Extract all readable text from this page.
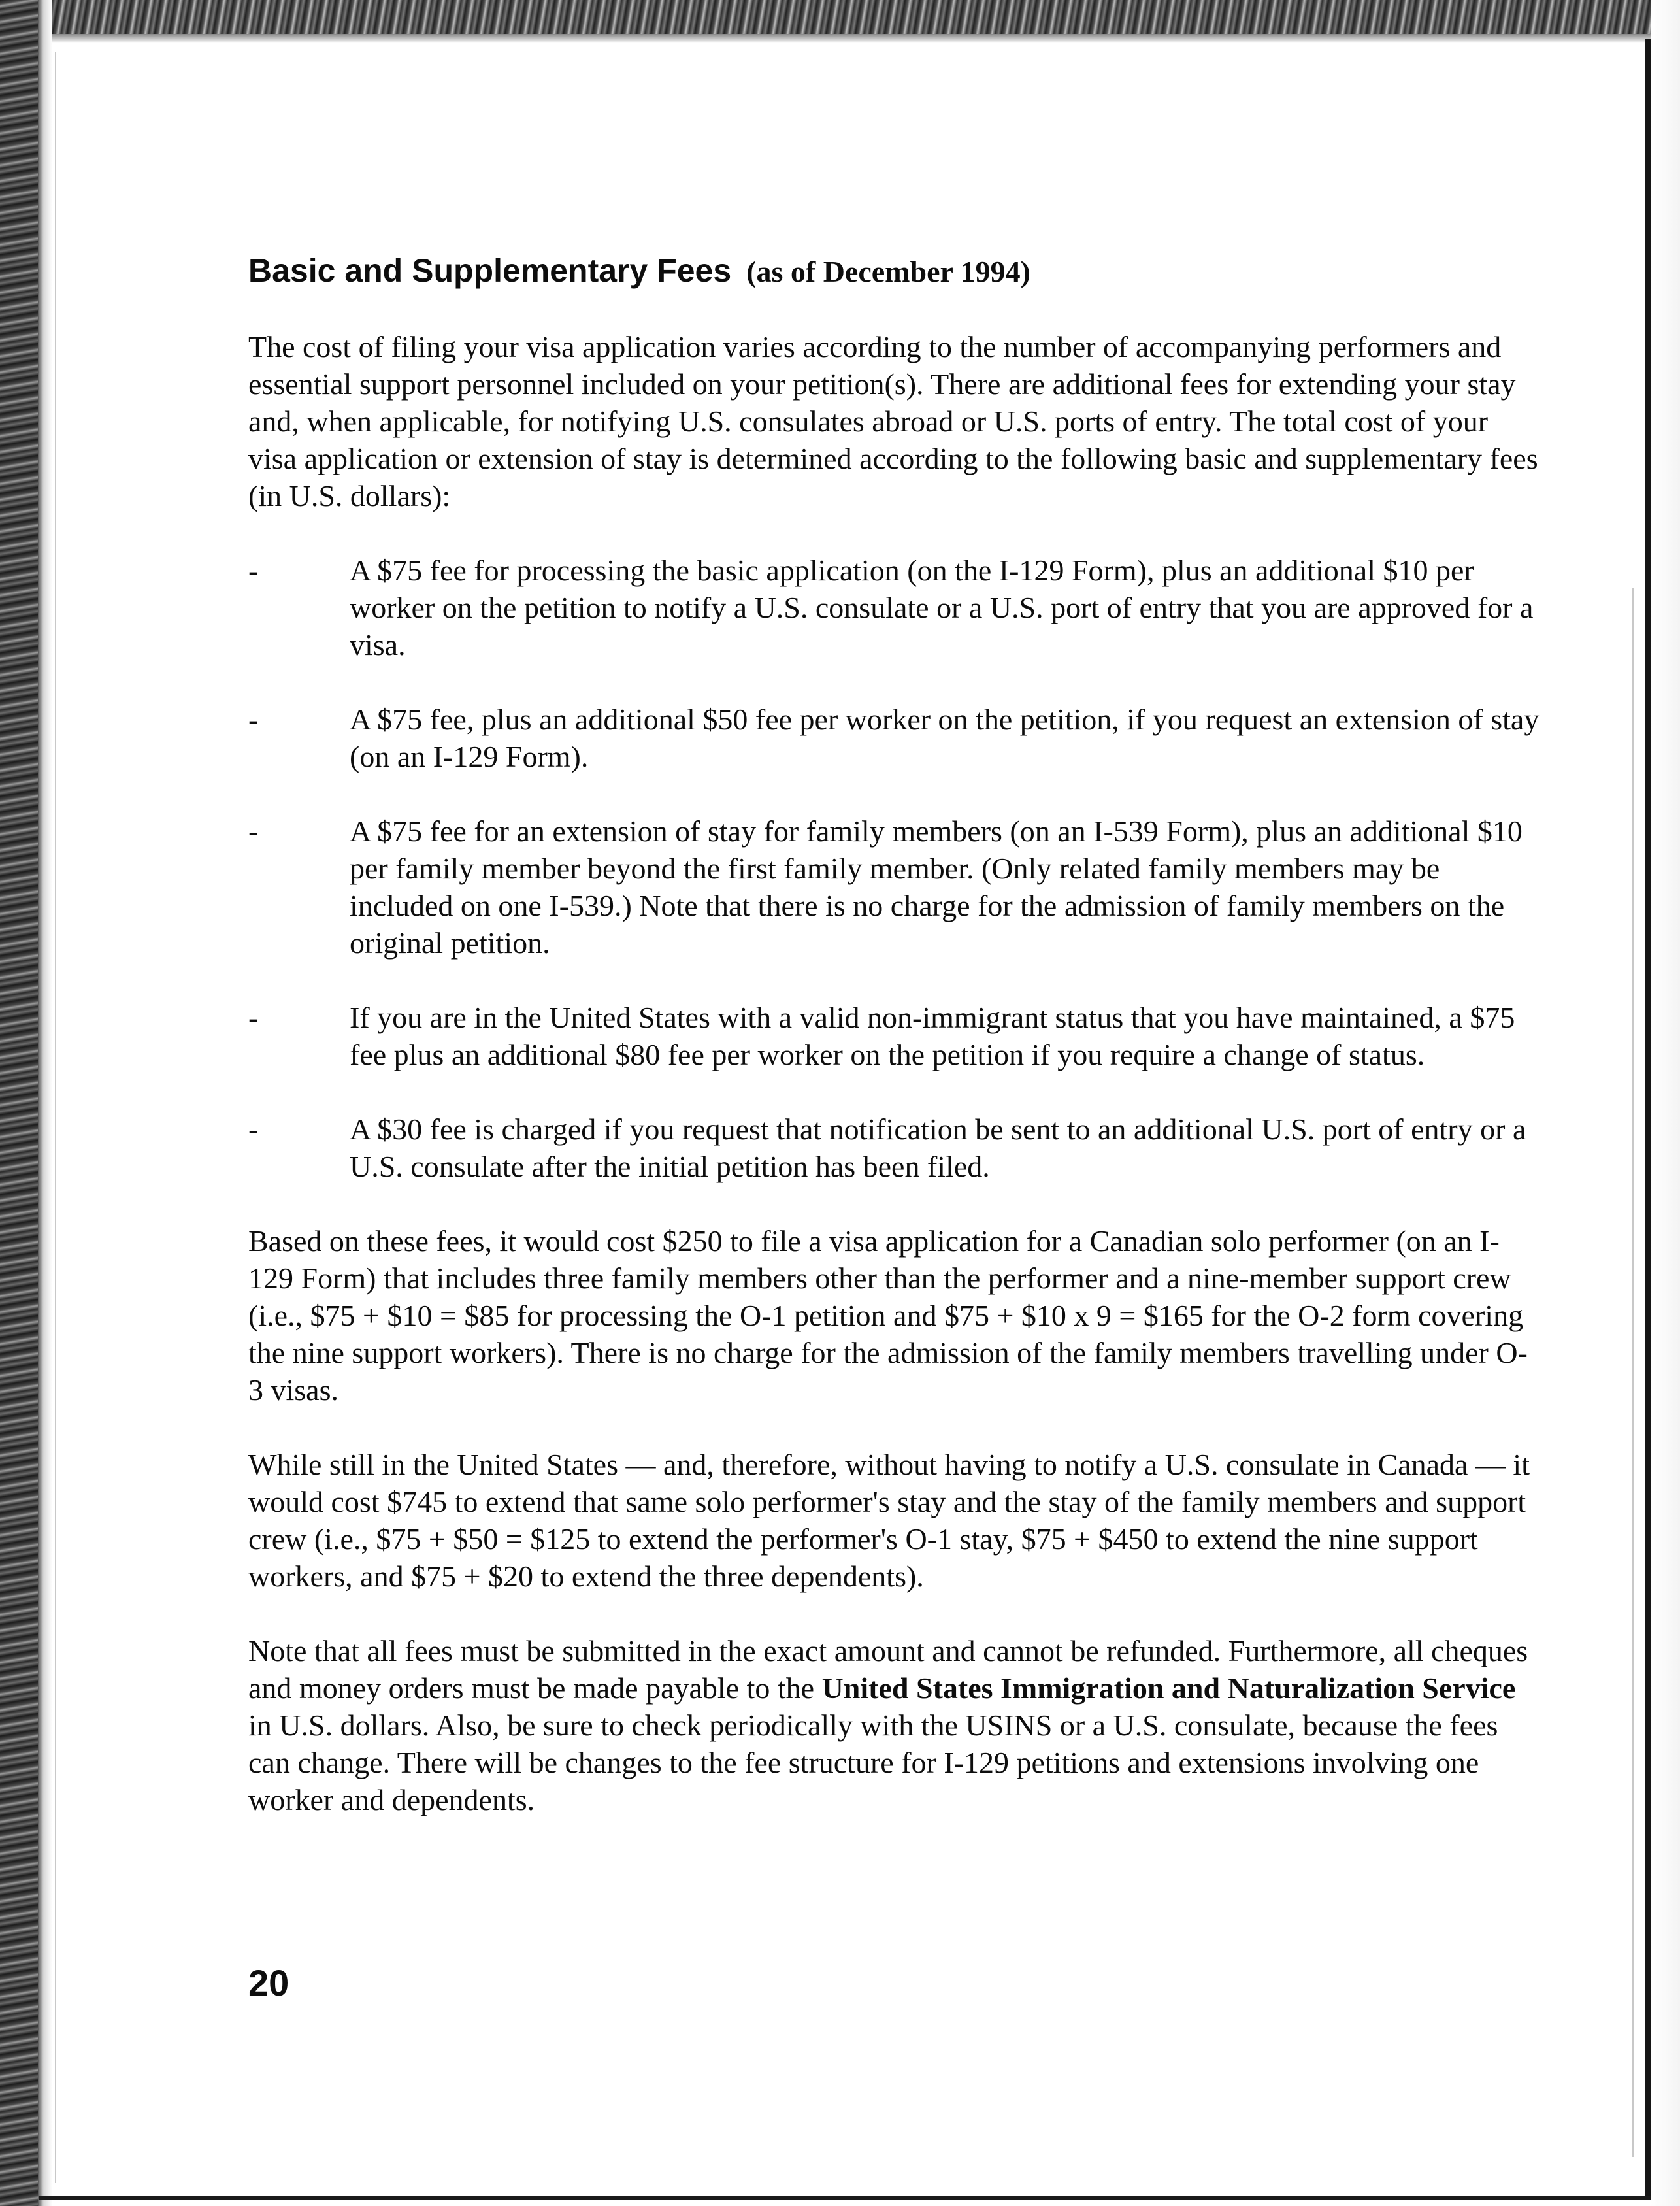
Basic and Supplementary Fees (as of December 1994)

The cost of filing your visa application varies according to the number of accompanying performers and essential support personnel included on your petition(s). There are additional fees for extending your stay and, when applicable, for notifying U.S. consulates abroad or U.S. ports of entry. The total cost of your visa application or extension of stay is determined according to the following basic and supplementary fees (in U.S. dollars):

-	A $75 fee for processing the basic application (on the I-129 Form), plus an additional $10 per worker on the petition to notify a U.S. consulate or a U.S. port of entry that you are approved for a visa.
-	A $75 fee, plus an additional $50 fee per worker on the petition, if you request an extension of stay (on an I-129 Form).
-	A $75 fee for an extension of stay for family members (on an I-539 Form), plus an additional $10 per family member beyond the first family member. (Only related family members may be included on one I-539.) Note that there is no charge for the admission of family members on the original petition.
-	If you are in the United States with a valid non-immigrant status that you have maintained, a $75 fee plus an additional $80 fee per worker on the petition if you require a change of status.
-	A $30 fee is charged if you request that notification be sent to an additional U.S. port of entry or a U.S. consulate after the initial petition has been filed.

Based on these fees, it would cost $250 to file a visa application for a Canadian solo performer (on an I-129 Form) that includes three family members other than the performer and a nine-member support crew (i.e., $75 + $10 = $85 for processing the O-1 petition and $75 + $10 x 9 = $165 for the O-2 form covering the nine support workers). There is no charge for the admission of the family members travelling under O-3 visas.

While still in the United States — and, therefore, without having to notify a U.S. consulate in Canada — it would cost $745 to extend that same solo performer's stay and the stay of the family members and support crew (i.e., $75 + $50 = $125 to extend the performer's O-1 stay, $75 + $450 to extend the nine support workers, and $75 + $20 to extend the three dependents).

Note that all fees must be submitted in the exact amount and cannot be refunded. Furthermore, all cheques and money orders must be made payable to the United States Immigration and Naturalization Service in U.S. dollars. Also, be sure to check periodically with the USINS or a U.S. consulate, because the fees can change. There will be changes to the fee structure for I-129 petitions and extensions involving one worker and dependents.

20
